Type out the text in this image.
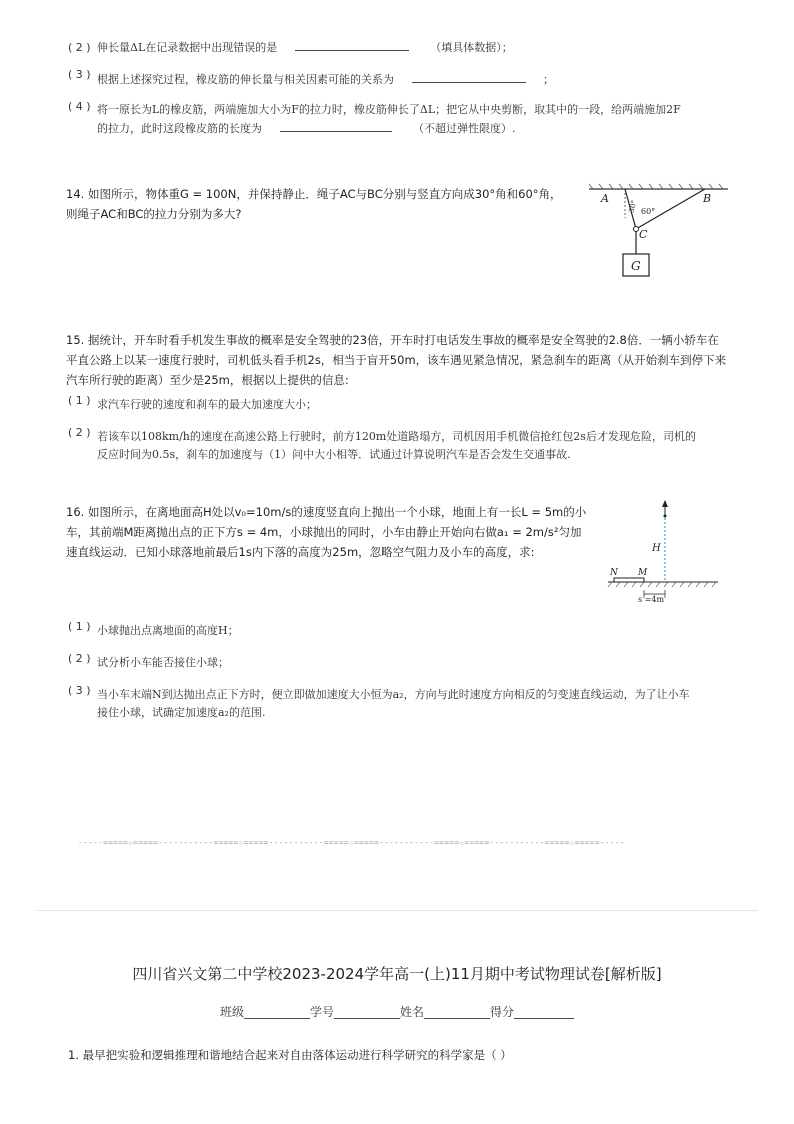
( 2 ) 伸长量ΔL在记录数据中出现错误的是	（填具体数据）；
( 3 ) 根据上述探究过程，橡皮筋的伸长量与相关因素可能的关系为	；
( 4 ) 将一原长为L的橡皮筋，两端施加大小为F的拉力时，橡皮筋伸长了ΔL；把它从中央剪断，取其中的一段，给两端施加2F
的拉力，此时这段橡皮筋的长度为	（不超过弹性限度）.
14. 如图所示，物体重G = 100N，并保持静止．绳子AC与BC分别与竖直方向成30°角和60°角，
则绳子AC和BC的拉力分别为多大?
A	B
C
30° 60°
G
15. 据统计，开车时看手机发生事故的概率是安全驾驶的23倍，开车时打电话发生事故的概率是安全驾驶的2.8倍．一辆小轿车在
平直公路上以某一速度行驶时，司机低头看手机2s，相当于盲开50m，该车遇见紧急情况，紧急刹车的距离（从开始刹车到停下来
汽车所行驶的距离）至少是25m，根据以上提供的信息:
( 1 ) 求汽车行驶的速度和刹车的最大加速度大小；
( 2 ) 若该车以108km/h的速度在高速公路上行驶时，前方120m处道路塌方，司机因用手机微信抢红包2s后才发现危险，司机的
反应时间为0.5s，刹车的加速度与（1）问中大小相等．试通过计算说明汽车是否会发生交通事故.
16. 如图所示，在离地面高H处以v₀=10m/s的速度竖直向上抛出一个小球，地面上有一长L = 5m的小
车，其前端M距离抛出点的正下方s = 4m，小球抛出的同时，小车由静止开始向右做a₁ = 2m/s²匀加
速直线运动．已知小球落地前最后1s内下落的高度为25m，忽略空气阻力及小车的高度，求:	H
N M
s =4m
( 1 ) 小球抛出点离地面的高度H；
( 2 ) 试分析小车能否接住小球；
( 3 ) 当小车末端N到达抛出点正下方时，便立即做加速度大小恒为a₂，方向与此时速度方向相反的匀变速直线运动，为了让小车
接住小球，试确定加速度a₂的范围.
-----=====☆=====-----------=====☆=====-----------=====☆=====-----------=====☆=====-----------=====☆=====-----
四川省兴文第二中学校2023-2024学年高一(上)11月期中考试物理试卷[解析版]
班级___________学号___________姓名___________得分__________
1. 最早把实验和逻辑推理和谐地结合起来对自由落体运动进行科学研究的科学家是（ ）
